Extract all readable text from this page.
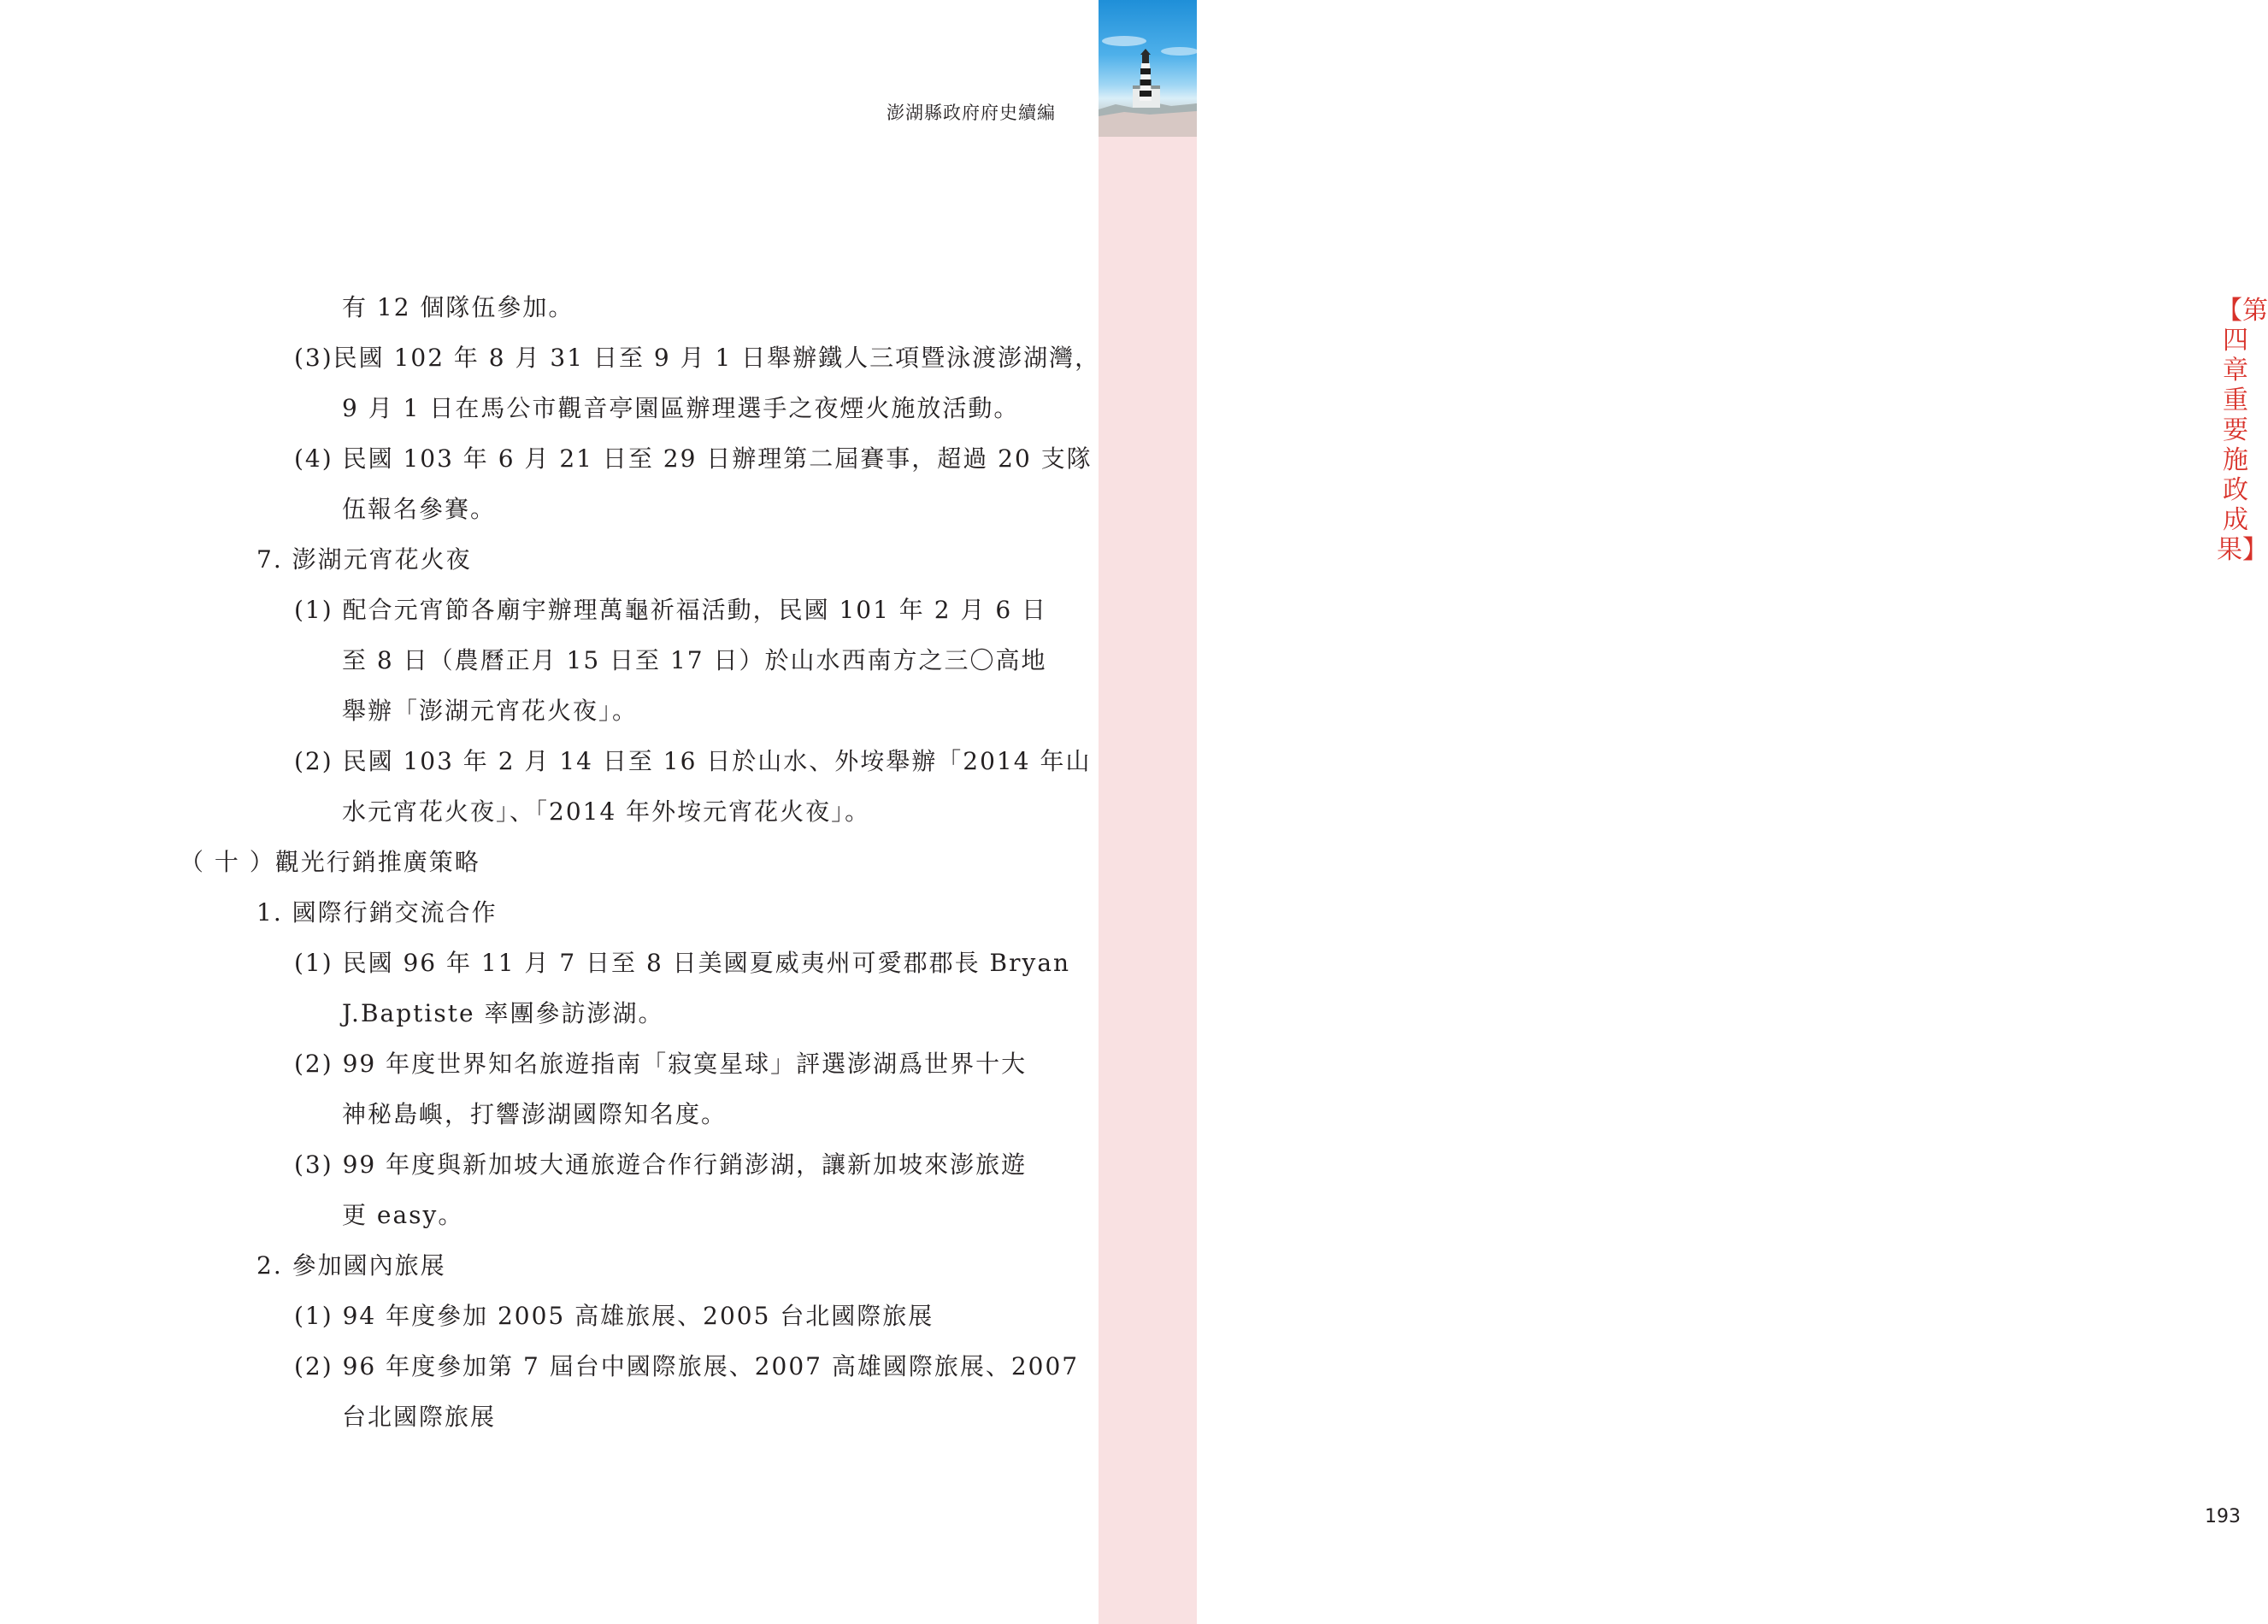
【第四章 重要施政成果】
193
澎湖縣政府府史續編
有 12 個隊伍參加。
(3)民國 102 年 8 月 31 日至 9 月 1 日舉辦鐵人三項暨泳渡澎湖灣，
9 月 1 日在馬公市觀音亭園區辦理選手之夜煙火施放活動。
(4) 民國 103 年 6 月 21 日至 29 日辦理第二屆賽事，超過 20 支隊
伍報名參賽。
7. 澎湖元宵花火夜
(1) 配合元宵節各廟宇辦理萬龜祈福活動，民國 101 年 2 月 6 日
至 8 日（農曆正月 15 日至 17 日）於山水西南方之三〇高地
舉辦「澎湖元宵花火夜」。
(2) 民國 103 年 2 月 14 日至 16 日於山水、外垵舉辦「2014 年山
水元宵花火夜」、「2014 年外垵元宵花火夜」。
（ 十 ）觀光行銷推廣策略
1. 國際行銷交流合作
(1) 民國 96 年 11 月 7 日至 8 日美國夏威夷州可愛郡郡長 Bryan
J.Baptiste 率團參訪澎湖。
(2) 99 年度世界知名旅遊指南「寂寞星球」評選澎湖爲世界十大
神秘島嶼，打響澎湖國際知名度。
(3) 99 年度與新加坡大通旅遊合作行銷澎湖，讓新加坡來澎旅遊
更 easy。
2. 參加國內旅展
(1) 94 年度參加 2005 高雄旅展、2005 台北國際旅展
(2) 96 年度參加第 7 屆台中國際旅展、2007 高雄國際旅展、2007
台北國際旅展
